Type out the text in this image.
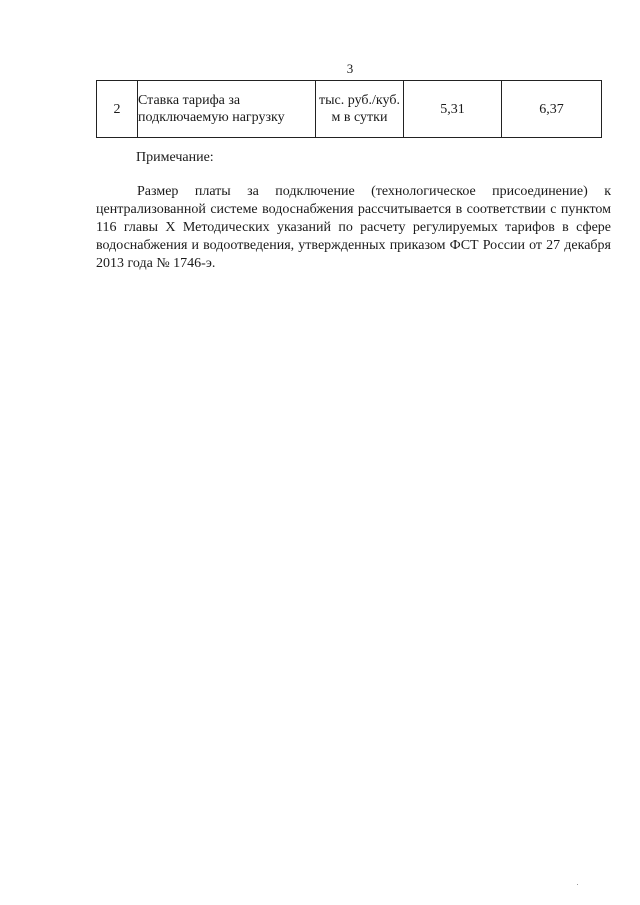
3
2	Ставка тарифа за подключаемую нагрузку	тыс. руб./куб. м в сутки	5,31	6,37
Примечание:

Размер платы за подключение (технологическое присоединение) к централизованной системе водоснабжения рассчитывается в соответствии с пунктом 116 главы X Методических указаний по расчету регулируемых тарифов в сфере водоснабжения и водоотведения, утвержденных приказом ФСТ России от 27 декабря 2013 года № 1746-э.
